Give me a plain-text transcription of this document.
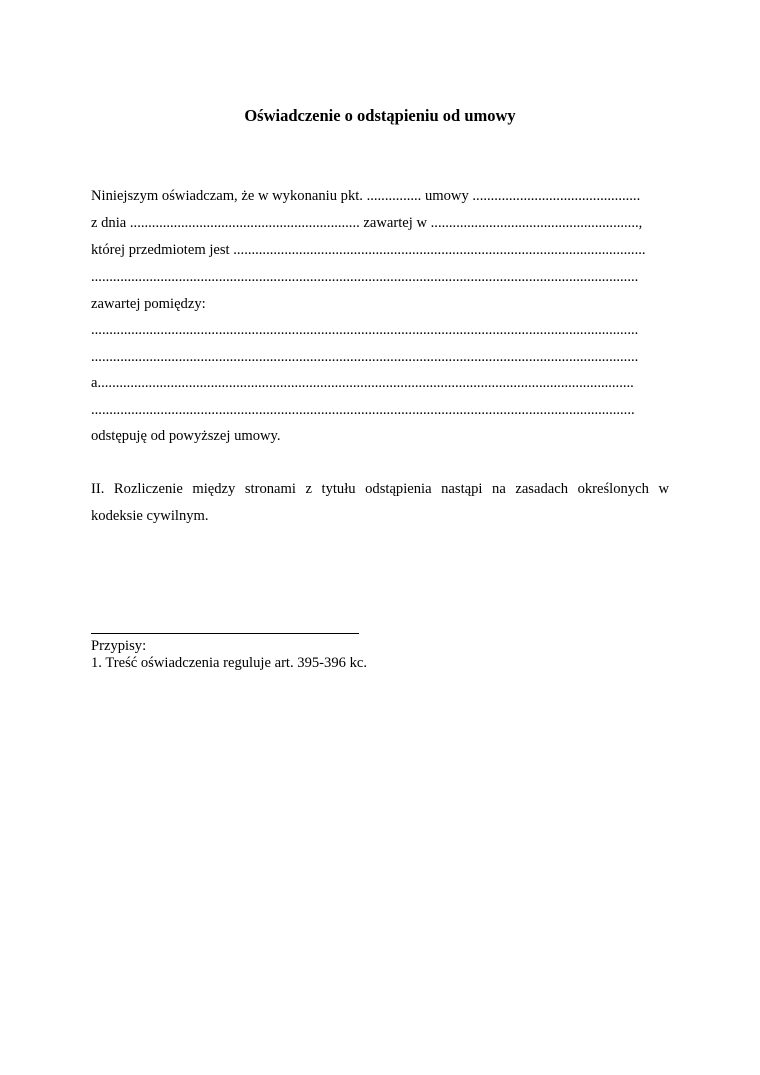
Oświadczenie o odstąpieniu od umowy
Niniejszym oświadczam, że w wykonaniu pkt. ............... umowy ..............................................
z dnia ............................................................... zawartej w .........................................................,
której przedmiotem jest .................................................................................................................
......................................................................................................................................................
zawartej pomiędzy:
......................................................................................................................................................
......................................................................................................................................................
a...................................................................................................................................................
.....................................................................................................................................................
odstępuję od powyższej umowy.
II. Rozliczenie między stronami z tytułu odstąpienia nastąpi na zasadach określonych w
kodeksie cywilnym.
Przypisy:
1. Treść oświadczenia reguluje art. 395-396 kc.
